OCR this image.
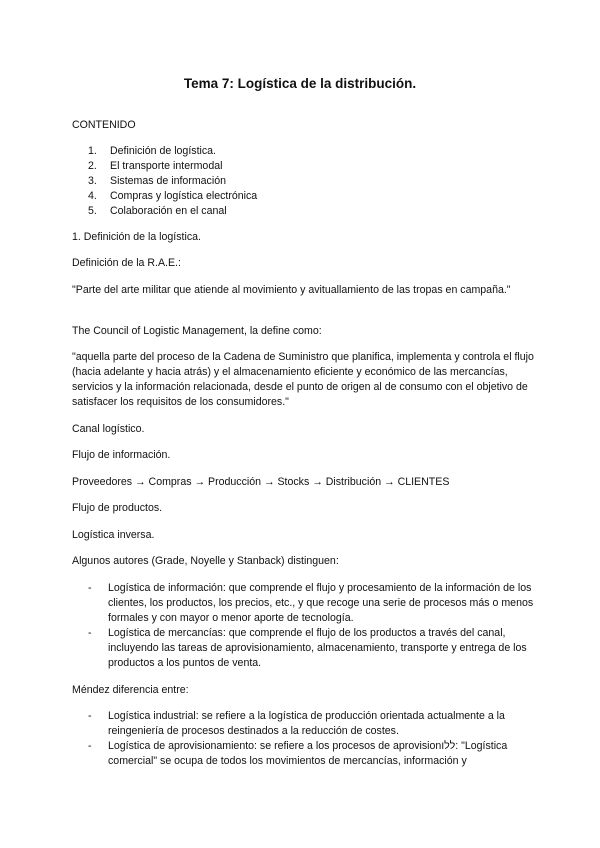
Tema 7: Logística de la distribución.
CONTENIDO
1. Definición de logística.
2. El transporte intermodal
3. Sistemas de información
4. Compras y logística electrónica
5. Colaboración en el canal
1. Definición de la logística.
Definición de la R.A.E.:
"Parte del arte militar que atiende al movimiento y avituallamiento de las tropas en campaña."
The Council of Logistic Management, la define como:
"aquella parte del proceso de la Cadena de Suministro que planifica, implementa y controla el flujo (hacia adelante y hacia atrás) y el almacenamiento eficiente y económico de las mercancías, servicios y la información relacionada, desde el punto de origen al de consumo con el objetivo de satisfacer los requisitos de los consumidores."
Canal logístico.
Flujo de información.
Proveedores → Compras → Producción → Stocks → Distribución → CLIENTES
Flujo de productos.
Logística inversa.
Algunos autores (Grade, Noyelle y Stanback) distinguen:
- Logística de información: que comprende el flujo y procesamiento de la información de los clientes, los productos, los precios, etc., y que recoge una serie de procesos más o menos formales y con mayor o menor aporte de tecnología.
- Logística de mercancías: que comprende el flujo de los productos a través del canal, incluyendo las tareas de aprovisionamiento, almacenamiento, transporte y entrega de los productos a los puntos de venta.
Méndez diferencia entre:
- Logística industrial: se refiere a la logística de producción orientada actualmente a la reingeniería de procesos destinados a la reducción de costes.
- Logística de aprovisionamiento: se refiere a los procesos de aprovisionללו: "Logística comercial" se ocupa de todos los movimientos de mercancías, información y
